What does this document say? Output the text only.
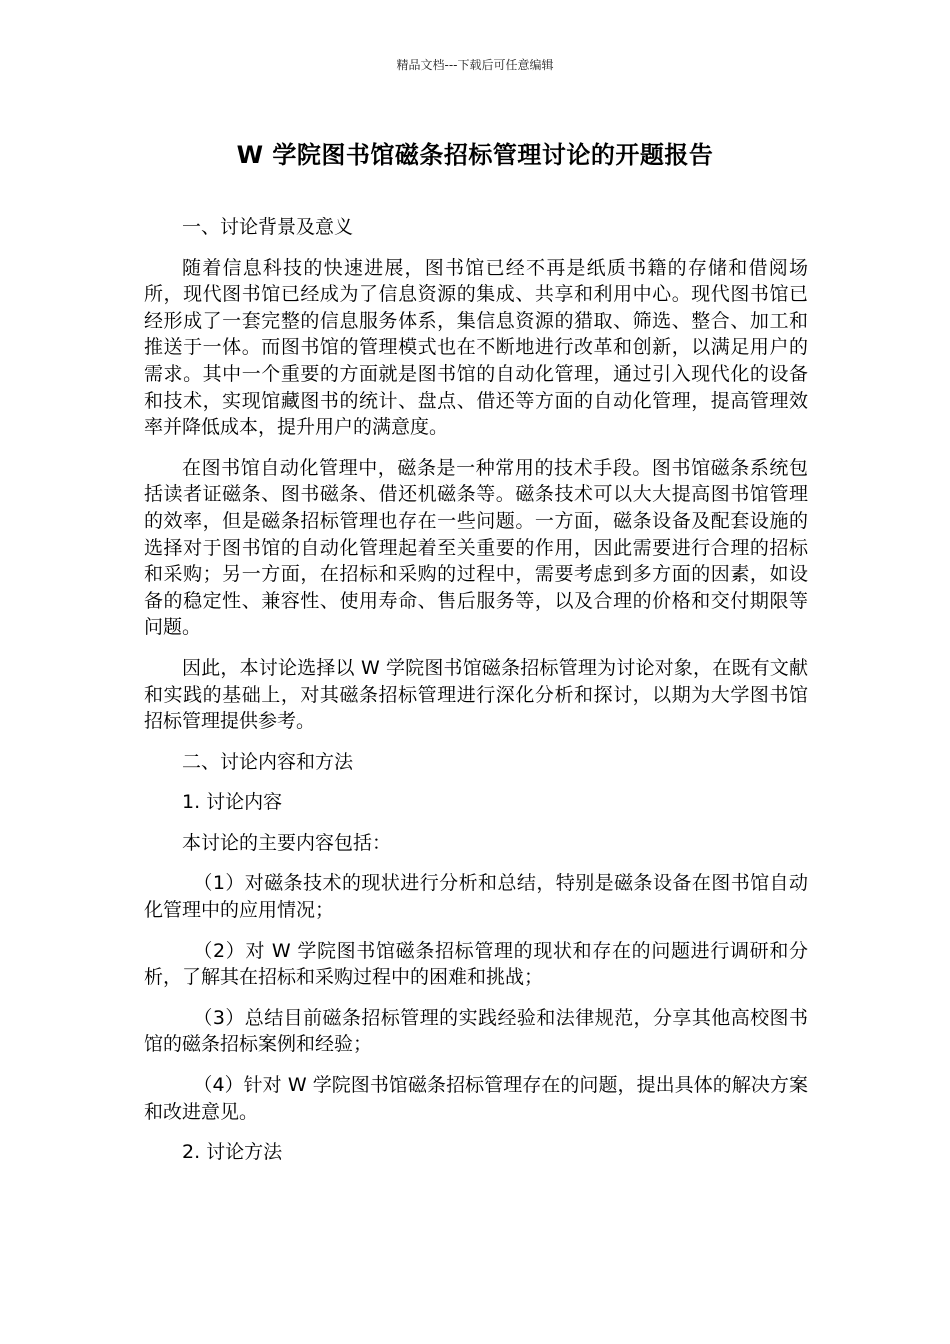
精品文档---下载后可任意编辑
W 学院图书馆磁条招标管理讨论的开题报告

一、讨论背景及意义

随着信息科技的快速进展，图书馆已经不再是纸质书籍的存储和借阅场所，现代图书馆已经成为了信息资源的集成、共享和利用中心。现代图书馆已经形成了一套完整的信息服务体系，集信息资源的猎取、筛选、整合、加工和推送于一体。而图书馆的管理模式也在不断地进行改革和创新，以满足用户的需求。其中一个重要的方面就是图书馆的自动化管理，通过引入现代化的设备和技术，实现馆藏图书的统计、盘点、借还等方面的自动化管理，提高管理效率并降低成本，提升用户的满意度。

在图书馆自动化管理中，磁条是一种常用的技术手段。图书馆磁条系统包括读者证磁条、图书磁条、借还机磁条等。磁条技术可以大大提高图书馆管理的效率，但是磁条招标管理也存在一些问题。一方面，磁条设备及配套设施的选择对于图书馆的自动化管理起着至关重要的作用，因此需要进行合理的招标和采购；另一方面，在招标和采购的过程中，需要考虑到多方面的因素，如设备的稳定性、兼容性、使用寿命、售后服务等，以及合理的价格和交付期限等问题。

因此，本讨论选择以 W 学院图书馆磁条招标管理为讨论对象，在既有文献和实践的基础上，对其磁条招标管理进行深化分析和探讨，以期为大学图书馆招标管理提供参考。

二、讨论内容和方法

1. 讨论内容

本讨论的主要内容包括：

（1）对磁条技术的现状进行分析和总结，特别是磁条设备在图书馆自动化管理中的应用情况；

（2）对 W 学院图书馆磁条招标管理的现状和存在的问题进行调研和分析，了解其在招标和采购过程中的困难和挑战；

（3）总结目前磁条招标管理的实践经验和法律规范，分享其他高校图书馆的磁条招标案例和经验；

（4）针对 W 学院图书馆磁条招标管理存在的问题，提出具体的解决方案和改进意见。

2. 讨论方法
